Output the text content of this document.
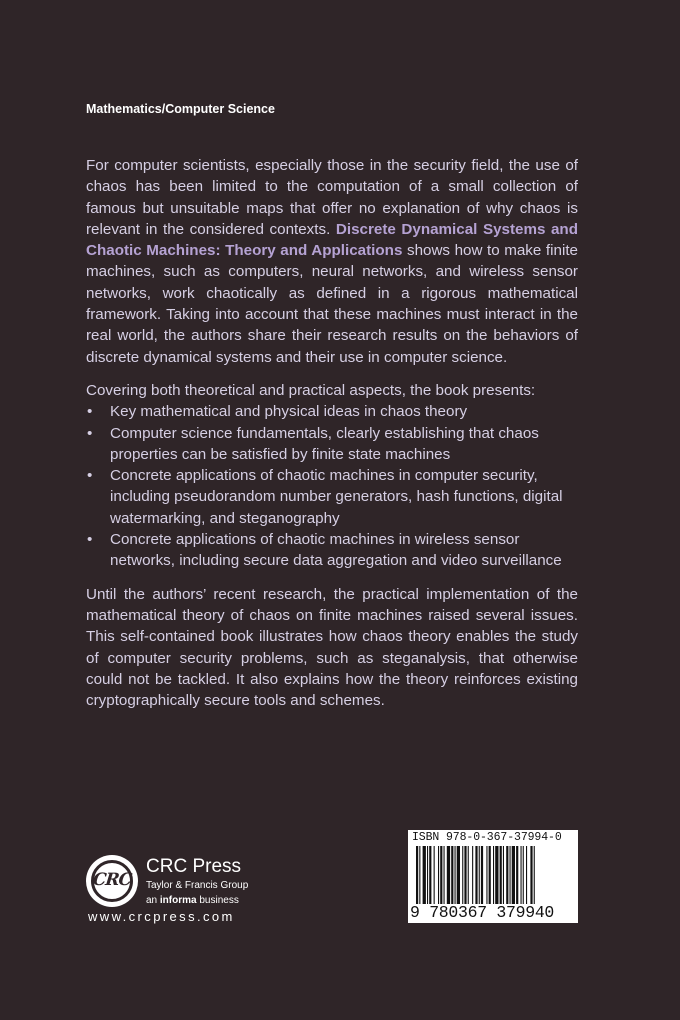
Mathematics/Computer Science

For computer scientists, especially those in the security field, the use of chaos has been limited to the computation of a small collection of famous but unsuitable maps that offer no explanation of why chaos is relevant in the considered contexts. Discrete Dynamical Systems and Chaotic Machines: Theory and Applications shows how to make finite machines, such as computers, neural networks, and wireless sensor networks, work chaotically as defined in a rigorous mathematical framework. Taking into account that these machines must interact in the real world, the authors share their research results on the behaviors of discrete dynamical systems and their use in computer science.

Covering both theoretical and practical aspects, the book presents:

• Key mathematical and physical ideas in chaos theory
• Computer science fundamentals, clearly establishing that chaos properties can be satisfied by finite state machines
• Concrete applications of chaotic machines in computer security, including pseudorandom number generators, hash functions, digital watermarking, and steganography
• Concrete applications of chaotic machines in wireless sensor networks, including secure data aggregation and video surveillance

Until the authors’ recent research, the practical implementation of the mathematical theory of chaos on finite machines raised several issues. This self-contained book illustrates how chaos theory enables the study of computer security problems, such as steganalysis, that otherwise could not be tackled. It also explains how the theory reinforces existing cryptographically secure tools and schemes.

CRC
CRC Press
Taylor & Francis Group
an informa business
www.crcpress.com
ISBN 978-0-367-37994-0
9 780367 379940
